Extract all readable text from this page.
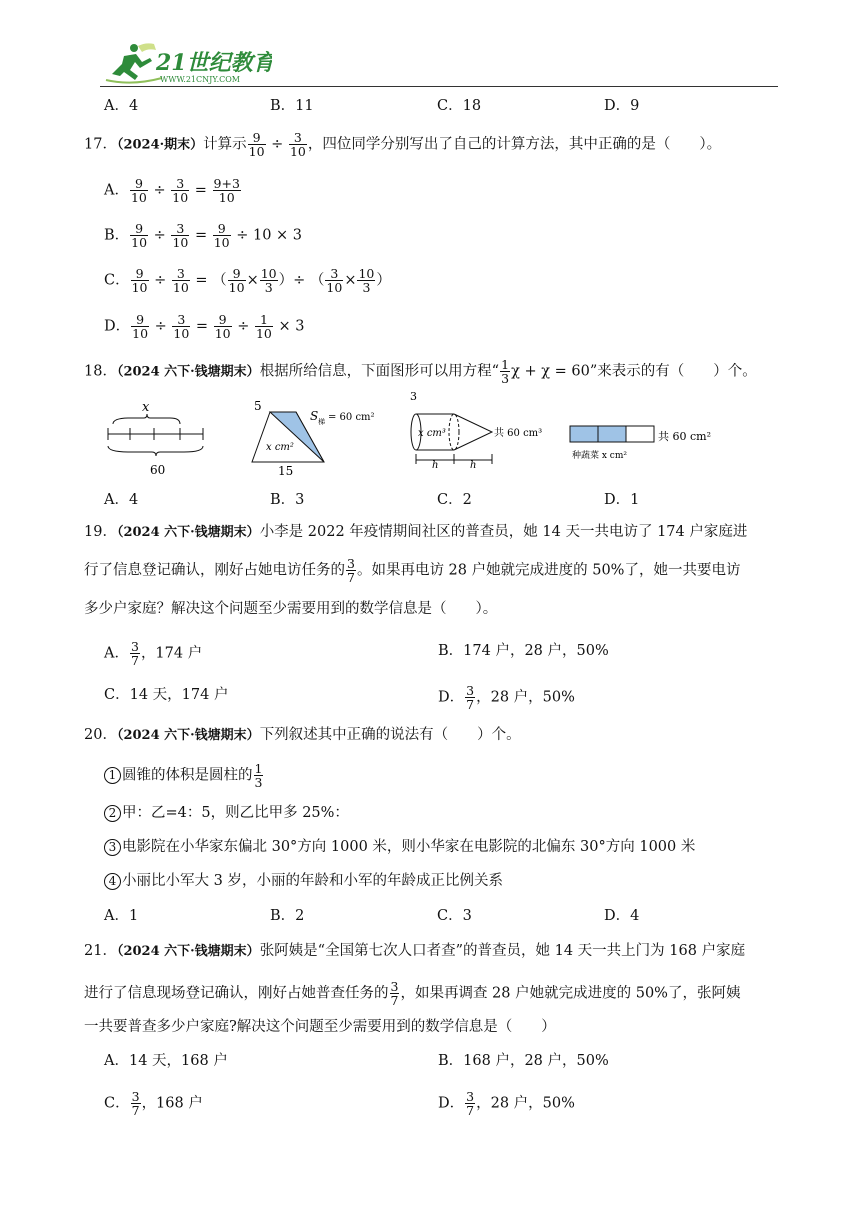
21世纪教育
WWW.21CNJY.COM
A．4	B．11	C．18	D．9
17．（2024·期末）计算示 $\frac{9}{10} \div \frac{3}{10}$ ，四位同学分别写出了自己的计算方法，其中正确的是（　　）。
A． $\frac{9}{10} \div \frac{3}{10} = \frac{9+3}{10}$
B． $\frac{9}{10} \div \frac{3}{10} = \frac{9}{10} \div 10 \times 3$
C． $\frac{9}{10} \div \frac{3}{10}$ = （ $\frac{9}{10} \times \frac{10}{3}$ ）÷ （ $\frac{3}{10} \times \frac{10}{3}$ ）
D． $\frac{9}{10} \div \frac{3}{10} = \frac{9}{10} \div \frac{1}{10} \times 3$
18．（2024 六下·钱塘期末）根据所给信息，下面图形可以用方程“ $\frac{1}{3}$ χ + χ = 60”来表示的有（　　）个。
x
60
5
S 梯 = 60 cm²
x cm²
15
3
x cm³	共 60 cm³
h	h
共 60 cm²
种蔬菜 x cm²
A．4	B．3	C．2	D．1
19．（2024 六下·钱塘期末）小李是 2022 年疫情期间社区的普查员，她 14 天一共电访了 174 户家庭进
行了信息登记确认，刚好占她电访任务的 $\frac{3}{7}$ 。如果再电访 28 户她就完成进度的 50%了，她一共要电访
多少户家庭？解决这个问题至少需要用到的数学信息是（　　）。
A． $\frac{3}{7}$ ，174 户	B．174 户，28 户，50%
C．14 天，174 户	D． $\frac{3}{7}$ ，28 户，50%
20．（2024 六下·钱塘期末）下列叙述其中正确的说法有（　　）个。
1 圆锥的体积是圆柱的 $\frac{1}{3}$
2 甲：乙=4：5，则乙比甲多 25%：
3 电影院在小华家东偏北 30°方向 1000 米，则小华家在电影院的北偏东 30°方向 1000 米
4 小丽比小军大 3 岁，小丽的年龄和小军的年龄成正比例关系
A．1	B．2	C．3	D．4
21．（2024 六下·钱塘期末）张阿姨是“全国第七次人口者查”的普查员，她 14 天一共上门为 168 户家庭
进行了信息现场登记确认，刚好占她普查任务的 $\frac{3}{7}$ ，如果再调查 28 户她就完成进度的 50%了，张阿姨
一共要普查多少户家庭?解决这个问题至少需要用到的数学信息是（　　）
A．14 天，168 户	B．168 户，28 户，50%
C． $\frac{3}{7}$ ，168 户	D． $\frac{3}{7}$ ，28 户，50%
